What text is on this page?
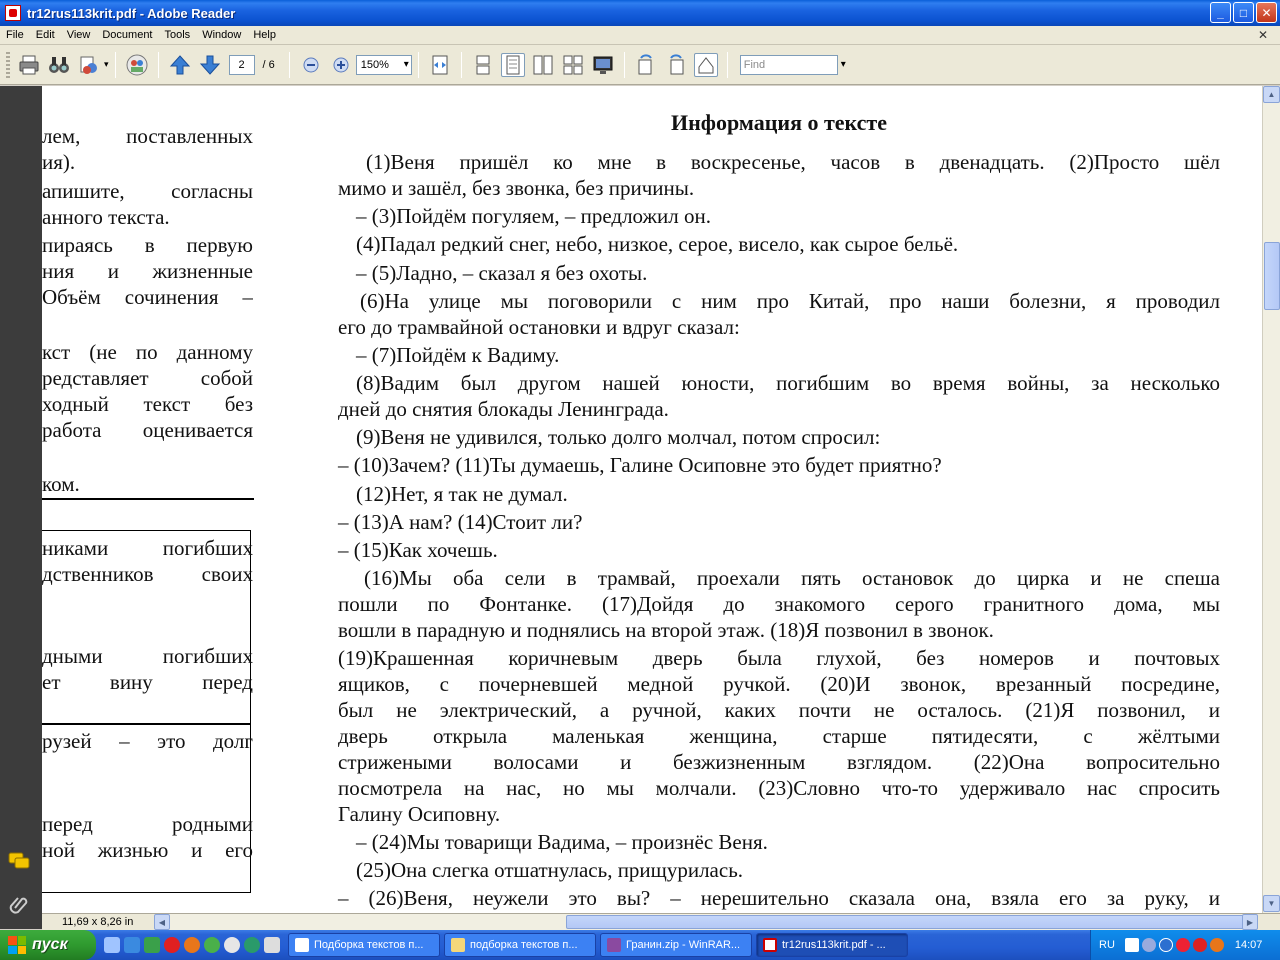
tr12rus113krit.pdf - Adobe Reader	_	□	✕
File	Edit	View	Document	Tools	Window	Help	✕
▾	2	/ 6	150% ▾	Find	▾
лем, поставленных
ия).
апишите, согласны
анного текста.
пираясь в первую
ния и жизненные
Объём сочинения –
кст (не по данному
редставляет собой
ходный текст без
работа оценивается
ком.
никами погибших
дственников своих
дными погибших
ет вину перед
рузей – это долг
перед родными
ной жизнью и его
Информация о тексте
(1)Веня пришёл ко мне в воскресенье, часов в двенадцать. (2)Просто шёл
мимо и зашёл, без звонка, без причины.
– (3)Пойдём погуляем, – предложил он.
(4)Падал редкий снег, небо, низкое, серое, висело, как сырое бельё.
– (5)Ладно, – сказал я без охоты.
(6)На улице мы поговорили с ним про Китай, про наши болезни, я проводил
его до трамвайной остановки и вдруг сказал:
– (7)Пойдём к Вадиму.
(8)Вадим был другом нашей юности, погибшим во время войны, за несколько
дней до снятия блокады Ленинграда.
(9)Веня не удивился, только долго молчал, потом спросил:
– (10)Зачем? (11)Ты думаешь, Галине Осиповне это будет приятно?
(12)Нет, я так не думал.
– (13)А нам? (14)Стоит ли?
– (15)Как хочешь.
(16)Мы оба сели в трамвай, проехали пять остановок до цирка и не спеша
пошли по Фонтанке. (17)Дойдя до знакомого серого гранитного дома, мы
вошли в парадную и поднялись на второй этаж. (18)Я позвонил в звонок.
(19)Крашенная коричневым дверь была глухой, без номеров и почтовых
ящиков, с почерневшей медной ручкой. (20)И звонок, врезанный посредине,
был не электрический, а ручной, каких почти не осталось. (21)Я позвонил, и
дверь открыла маленькая женщина, старше пятидесяти, с жёлтыми
стрижеными волосами и безжизненным взглядом. (22)Она вопросительно
посмотрела на нас, но мы молчали. (23)Словно что-то удерживало нас спросить
Галину Осиповну.
– (24)Мы товарищи Вадима, – произнёс Веня.
(25)Она слегка отшатнулась, прищурилась.
– (26)Веня, неужели это вы? – нерешительно сказала она, взяла его за руку, и
▲
▼
11,69 x 8,26 in	◀	▶
пуск	Подборка текстов п...	подборка текстов п...	Гранин.zip - WinRAR...	tr12rus113krit.pdf - ...	RU	14:07
